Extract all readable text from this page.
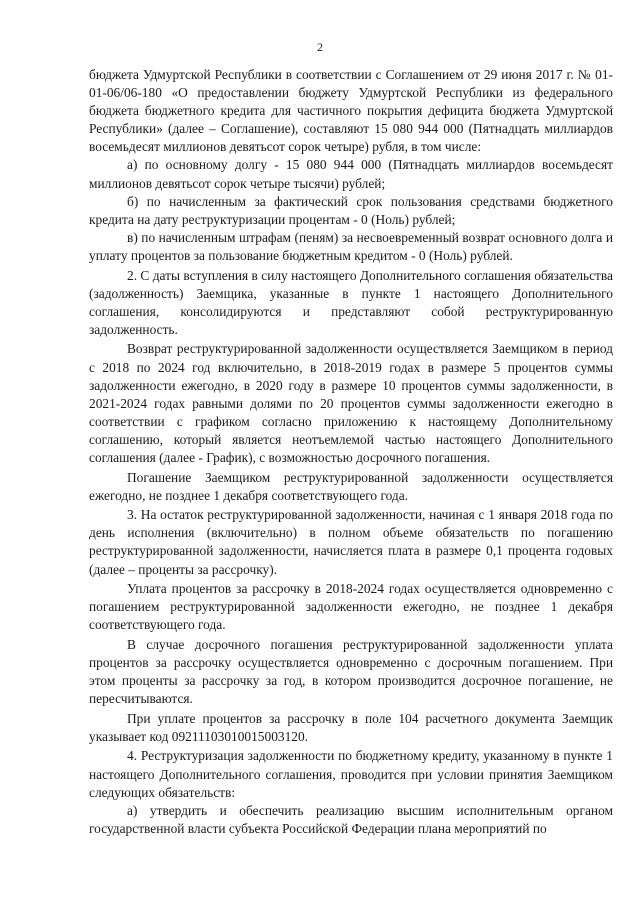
2

бюджета Удмуртской Республики в соответствии с Соглашением от 29 июня 2017 г. № 01-01-06/06-180 «О предоставлении бюджету Удмуртской Республики из федерального бюджета бюджетного кредита для частичного покрытия дефицита бюджета Удмуртской Республики» (далее – Соглашение), составляют 15 080 944 000 (Пятнадцать миллиардов восемьдесят миллионов девятьсот сорок четыре) рубля, в том числе:

а) по основному долгу - 15 080 944 000 (Пятнадцать миллиардов восемьдесят миллионов девятьсот сорок четыре тысячи) рублей;

б) по начисленным за фактический срок пользования средствами бюджетного кредита на дату реструктуризации процентам - 0 (Ноль) рублей;

в) по начисленным штрафам (пеням) за несвоевременный возврат основного долга и уплату процентов за пользование бюджетным кредитом - 0 (Ноль) рублей.

2. С даты вступления в силу настоящего Дополнительного соглашения обязательства (задолженность) Заемщика, указанные в пункте 1 настоящего Дополнительного соглашения, консолидируются и представляют собой реструктурированную задолженность.

Возврат реструктурированной задолженности осуществляется Заемщиком в период с 2018 по 2024 год включительно, в 2018-2019 годах в размере 5 процентов суммы задолженности ежегодно, в 2020 году в размере 10 процентов суммы задолженности, в 2021-2024 годах равными долями по 20 процентов суммы задолженности ежегодно в соответствии с графиком согласно приложению к настоящему Дополнительному соглашению, который является неотъемлемой частью настоящего Дополнительного соглашения (далее - График), с возможностью досрочного погашения.

Погашение Заемщиком реструктурированной задолженности осуществляется ежегодно, не позднее 1 декабря соответствующего года.

3. На остаток реструктурированной задолженности, начиная с 1 января 2018 года по день исполнения (включительно) в полном объеме обязательств по погашению реструктурированной задолженности, начисляется плата в размере 0,1 процента годовых (далее – проценты за рассрочку).

Уплата процентов за рассрочку в 2018-2024 годах осуществляется одновременно с погашением реструктурированной задолженности ежегодно, не позднее 1 декабря соответствующего года.

В случае досрочного погашения реструктурированной задолженности уплата процентов за рассрочку осуществляется одновременно с досрочным погашением. При этом проценты за рассрочку за год, в котором производится досрочное погашение, не пересчитываются.

При уплате процентов за рассрочку в поле 104 расчетного документа Заемщик указывает код 09211103010015003120.

4. Реструктуризация задолженности по бюджетному кредиту, указанному в пункте 1 настоящего Дополнительного соглашения, проводится при условии принятия Заемщиком следующих обязательств:

а) утвердить и обеспечить реализацию высшим исполнительным органом государственной власти субъекта Российской Федерации плана мероприятий по
